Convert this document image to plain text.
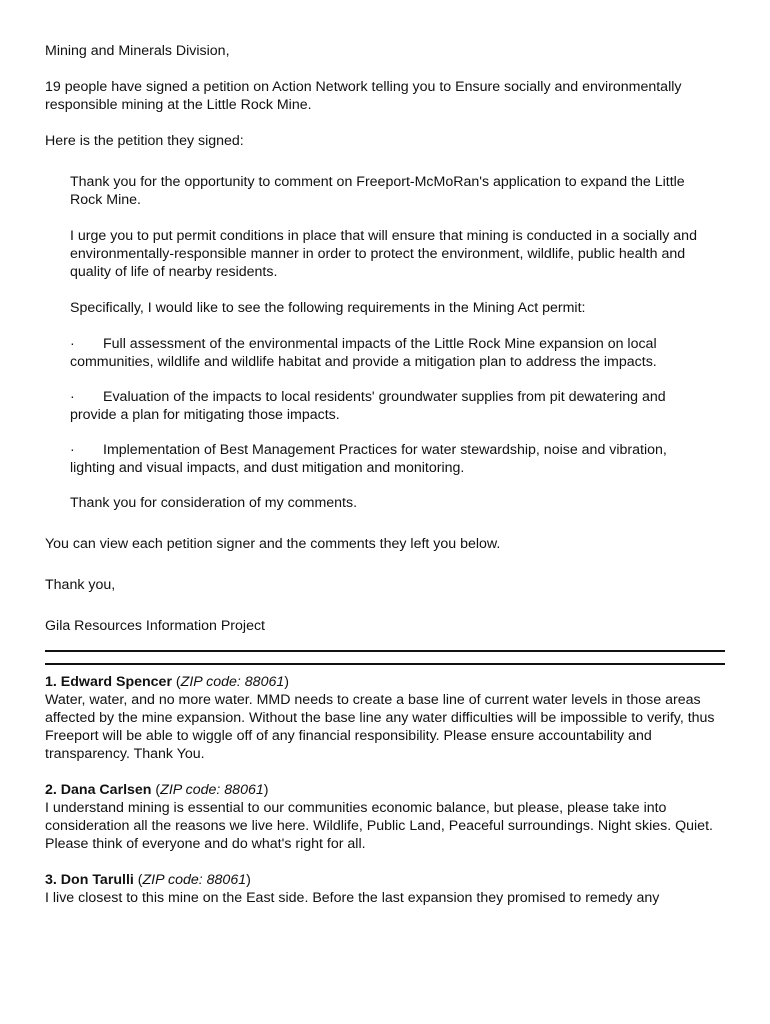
Mining and Minerals Division,

19 people have signed a petition on Action Network telling you to Ensure socially and environmentally responsible mining at the Little Rock Mine.

Here is the petition they signed:

Thank you for the opportunity to comment on Freeport-McMoRan's application to expand the Little Rock Mine.

I urge you to put permit conditions in place that will ensure that mining is conducted in a socially and environmentally-responsible manner in order to protect the environment, wildlife, public health and quality of life of nearby residents.

Specifically, I would like to see the following requirements in the Mining Act permit:

· Full assessment of the environmental impacts of the Little Rock Mine expansion on local communities, wildlife and wildlife habitat and provide a mitigation plan to address the impacts.

· Evaluation of the impacts to local residents' groundwater supplies from pit dewatering and provide a plan for mitigating those impacts.

· Implementation of Best Management Practices for water stewardship, noise and vibration, lighting and visual impacts, and dust mitigation and monitoring.

Thank you for consideration of my comments.

You can view each petition signer and the comments they left you below.

Thank you,

Gila Resources Information Project

1. Edward Spencer (ZIP code: 88061)

Water, water, and no more water. MMD needs to create a base line of current water levels in those areas affected by the mine expansion. Without the base line any water difficulties will be impossible to verify, thus Freeport will be able to wiggle off of any financial responsibility. Please ensure accountability and transparency. Thank You.

2. Dana Carlsen (ZIP code: 88061)

I understand mining is essential to our communities economic balance, but please, please take into consideration all the reasons we live here. Wildlife, Public Land, Peaceful surroundings. Night skies. Quiet. Please think of everyone and do what's right for all.

3. Don Tarulli (ZIP code: 88061)

I live closest to this mine on the East side. Before the last expansion they promised to remedy any
